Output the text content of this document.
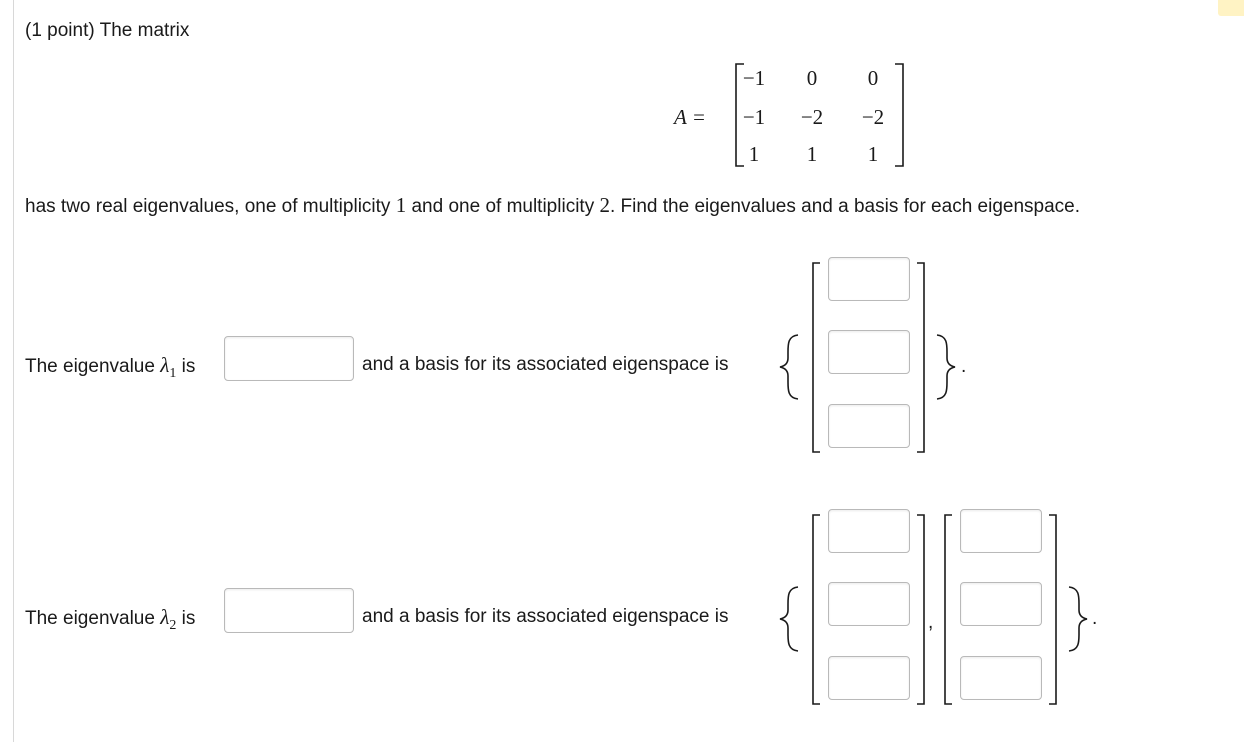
(1 point) The matrix
A =
−1	0	0
−1	−2	−2
1	1	1
has two real eigenvalues, one of multiplicity 1 and one of multiplicity 2. Find the eigenvalues and a basis for each eigenspace.
The eigenvalue $\lambda_1$ is	and a basis for its associated eigenspace is	.
The eigenvalue $\lambda_2$ is	and a basis for its associated eigenspace is	,	.
